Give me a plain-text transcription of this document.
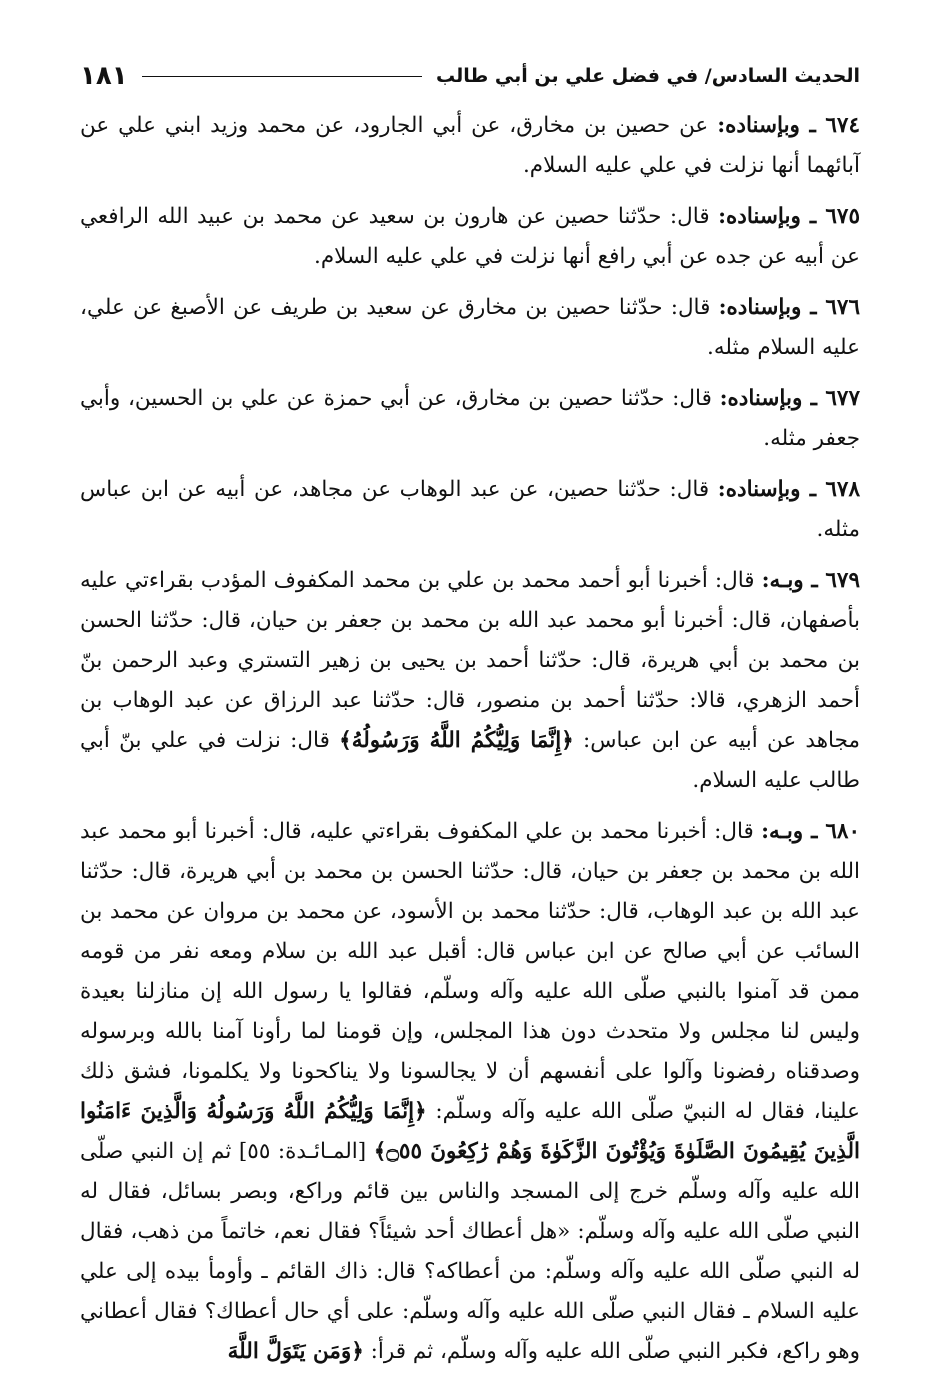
الحديث السادس/ في فضل علي بن أبي طالب
١٨١

٦٧٤ ـ وبإسناده: عن حصين بن مخارق، عن أبي الجارود، عن محمد وزيد ابني علي عن آبائهما أنها نزلت في علي عليه السلام.

٦٧٥ ـ وبإسناده: قال: حدّثنا حصين عن هارون بن سعيد عن محمد بن عبيد الله الرافعي عن أبيه عن جده عن أبي رافع أنها نزلت في علي عليه السلام.

٦٧٦ ـ وبإسناده: قال: حدّثنا حصين بن مخارق عن سعيد بن طريف عن الأصبغ عن علي، عليه السلام مثله.

٦٧٧ ـ وبإسناده: قال: حدّثنا حصين بن مخارق، عن أبي حمزة عن علي بن الحسين، وأبي جعفر مثله.

٦٧٨ ـ وبإسناده: قال: حدّثنا حصين، عن عبد الوهاب عن مجاهد، عن أبيه عن ابن عباس مثله.

٦٧٩ ـ وبـه: قال: أخبرنا أبو أحمد محمد بن علي بن محمد المكفوف المؤدب بقراءتي عليه بأصفهان، قال: أخبرنا أبو محمد عبد الله بن محمد بن جعفر بن حيان، قال: حدّثنا الحسن بن محمد بن أبي هريرة، قال: حدّثنا أحمد بن يحيى بن زهير التستري وعبد الرحمن بنّ أحمد الزهري، قالا: حدّثنا أحمد بن منصور، قال: حدّثنا عبد الرزاق عن عبد الوهاب بن مجاهد عن أبيه عن ابن عباس: ﴿إِنَّمَا وَلِيُّكُمُ اللَّهُ وَرَسُولُهُ﴾ قال: نزلت في علي بنّ أبي طالب عليه السلام.

٦٨٠ ـ وبـه: قال: أخبرنا محمد بن علي المكفوف بقراءتي عليه، قال: أخبرنا أبو محمد عبد الله بن محمد بن جعفر بن حيان، قال: حدّثنا الحسن بن محمد بن أبي هريرة، قال: حدّثنا عبد الله بن عبد الوهاب، قال: حدّثنا محمد بن الأسود، عن محمد بن مروان عن محمد بن السائب عن أبي صالح عن ابن عباس قال: أقبل عبد الله بن سلام ومعه نفر من قومه ممن قد آمنوا بالنبي صلّى الله عليه وآله وسلّم، فقالوا يا رسول الله إن منازلنا بعيدة وليس لنا مجلس ولا متحدث دون هذا المجلس، وإن قومنا لما رأونا آمنا بالله وبرسوله وصدقناه رفضونا وآلوا على أنفسهم أن لا يجالسونا ولا يناكحونا ولا يكلمونا، فشق ذلك علينا، فقال له النبيّ صلّى الله عليه وآله وسلّم: ﴿إِنَّمَا وَلِيُّكُمُ اللَّهُ وَرَسُولُهُ وَالَّذِينَ ءَامَنُوا الَّذِينَ يُقِيمُونَ الصَّلَوٰةَ وَيُؤْتُونَ الزَّكَوٰةَ وَهُمْ رَٰكِعُونَ ۝٥٥﴾ [المـائـدة: ٥٥] ثم إن النبي صلّى الله عليه وآله وسلّم خرج إلى المسجد والناس بين قائم وراكع، وبصر بسائل، فقال له النبي صلّى الله عليه وآله وسلّم: «هل أعطاك أحد شيئاً؟ فقال نعم، خاتماً من ذهب، فقال له النبي صلّى الله عليه وآله وسلّم: من أعطاكه؟ قال: ذاك القائم ـ وأومأ بيده إلى علي عليه السلام ـ فقال النبي صلّى الله عليه وآله وسلّم: على أي حال أعطاك؟ فقال أعطاني وهو راكع، فكبر النبي صلّى الله عليه وآله وسلّم، ثم قرأ: ﴿وَمَن يَتَوَلَّ اللَّهَ
